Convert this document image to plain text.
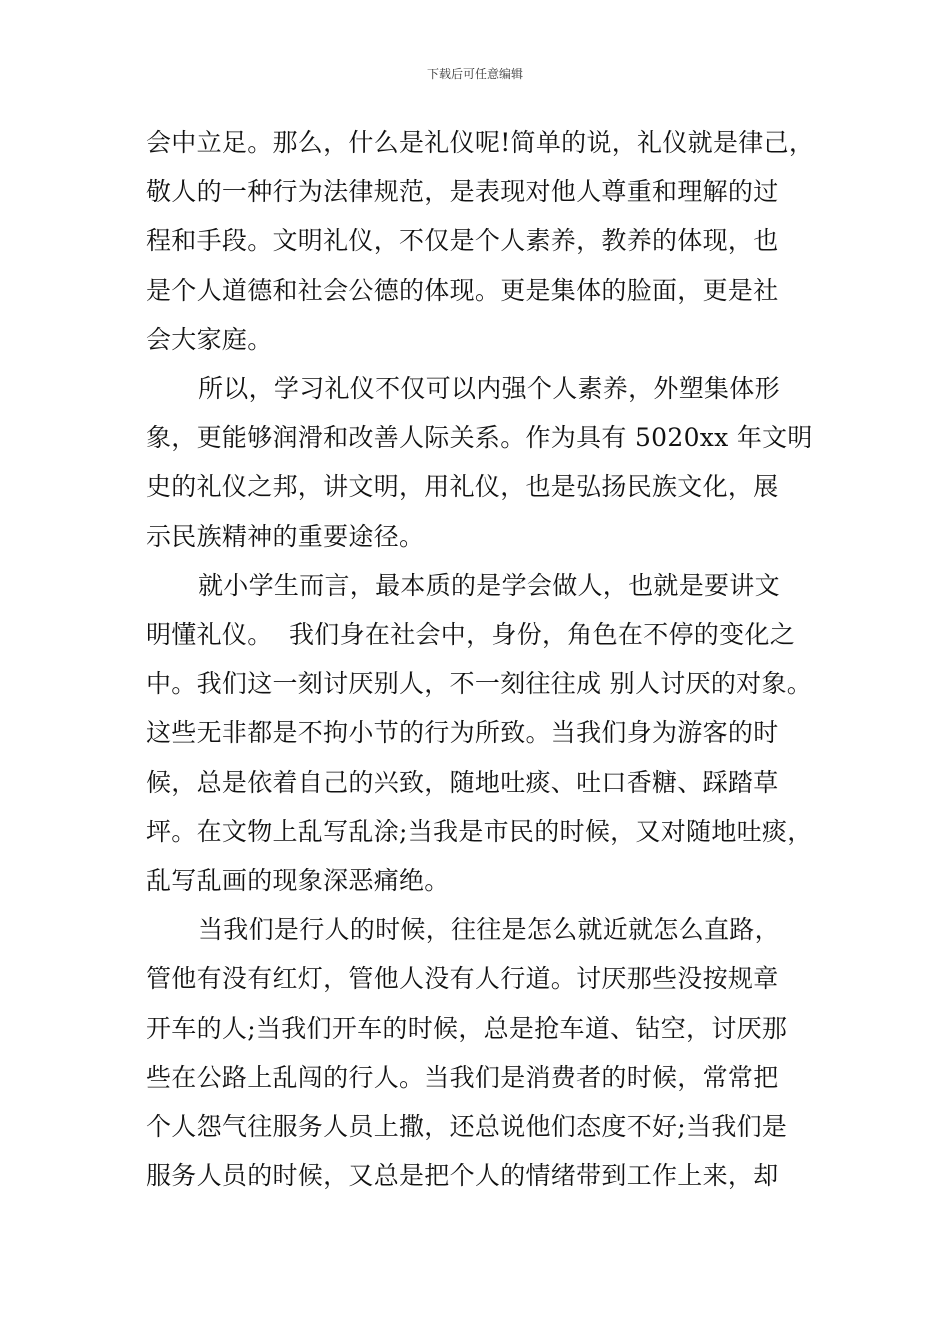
下载后可任意编辑
会中立足。那么，什么是礼仪呢!简单的说，礼仪就是律己，
敬人的一种行为法律规范，是表现对他人尊重和理解的过
程和手段。文明礼仪，不仅是个人素养，教养的体现，也
是个人道德和社会公德的体现。更是集体的脸面，更是社
会大家庭。
所以，学习礼仪不仅可以内强个人素养，外塑集体形
象，更能够润滑和改善人际关系。作为具有 5020xx 年文明
史的礼仪之邦，讲文明，用礼仪，也是弘扬民族文化，展
示民族精神的重要途径。
就小学生而言，最本质的是学会做人，也就是要讲文
明懂礼仪。  我们身在社会中，身份，角色在不停的变化之
中。我们这一刻讨厌别人，不一刻往往成 别人讨厌的对象。
这些无非都是不拘小节的行为所致。当我们身为游客的时
候，总是依着自己的兴致，随地吐痰、吐口香糖、踩踏草
坪。在文物上乱写乱涂;当我是市民的时候，又对随地吐痰，
乱写乱画的现象深恶痛绝。
当我们是行人的时候，往往是怎么就近就怎么直路，
管他有没有红灯，管他人没有人行道。讨厌那些没按规章
开车的人;当我们开车的时候，总是抢车道、钻空，讨厌那
些在公路上乱闯的行人。当我们是消费者的时候，常常把
个人怨气往服务人员上撒，还总说他们态度不好;当我们是
服务人员的时候，又总是把个人的情绪带到工作上来，却
